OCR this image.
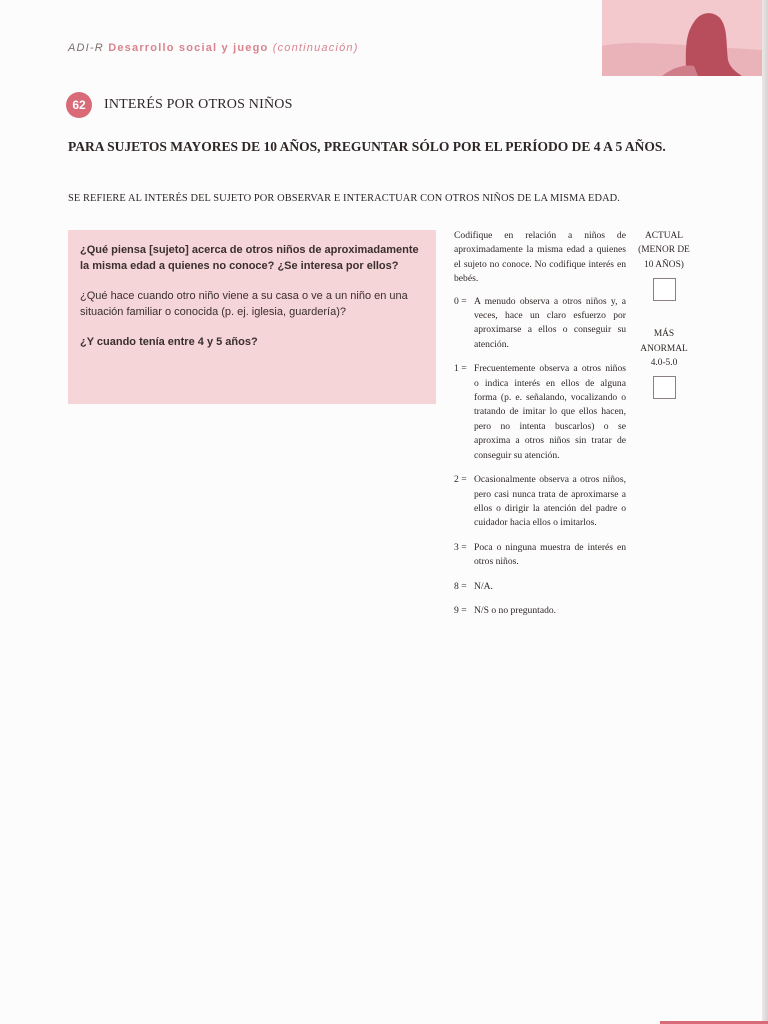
ADI-R Desarrollo social y juego (continuación)
62	INTERÉS POR OTROS NIÑOS
PARA SUJETOS MAYORES DE 10 AÑOS, PREGUNTAR SÓLO POR EL PERÍODO DE 4 A 5 AÑOS.
SE REFIERE AL INTERÉS DEL SUJETO POR OBSERVAR E INTERACTUAR CON OTROS NIÑOS DE LA MISMA EDAD.

¿Qué piensa [sujeto] acerca de otros niños de aproximadamente la misma edad a quienes no conoce? ¿Se interesa por ellos?

¿Qué hace cuando otro niño viene a su casa o ve a un niño en una situación familiar o conocida (p. ej. iglesia, guardería)?

¿Y cuando tenía entre 4 y 5 años?

Codifique en relación a niños de aproximadamente la misma edad a quienes el sujeto no conoce. No codifique interés en bebés.

0 = A menudo observa a otros niños y, a veces, hace un claro esfuerzo por aproximarse a ellos o conseguir su atención.

1 = Frecuentemente observa a otros niños o indica interés en ellos de alguna forma (p. e. señalando, vocalizando o tratando de imitar lo que ellos hacen, pero no intenta buscarlos) o se aproxima a otros niños sin tratar de conseguir su atención.

2 = Ocasionalmente observa a otros niños, pero casi nunca trata de aproximarse a ellos o dirigir la atención del padre o cuidador hacia ellos o imitarlos.

3 = Poca o ninguna muestra de interés en otros niños.

8 = N/A.

9 = N/S o no preguntado.

ACTUAL
(MENOR DE
10 AÑOS)

MÁS
ANORMAL
4.0-5.0
